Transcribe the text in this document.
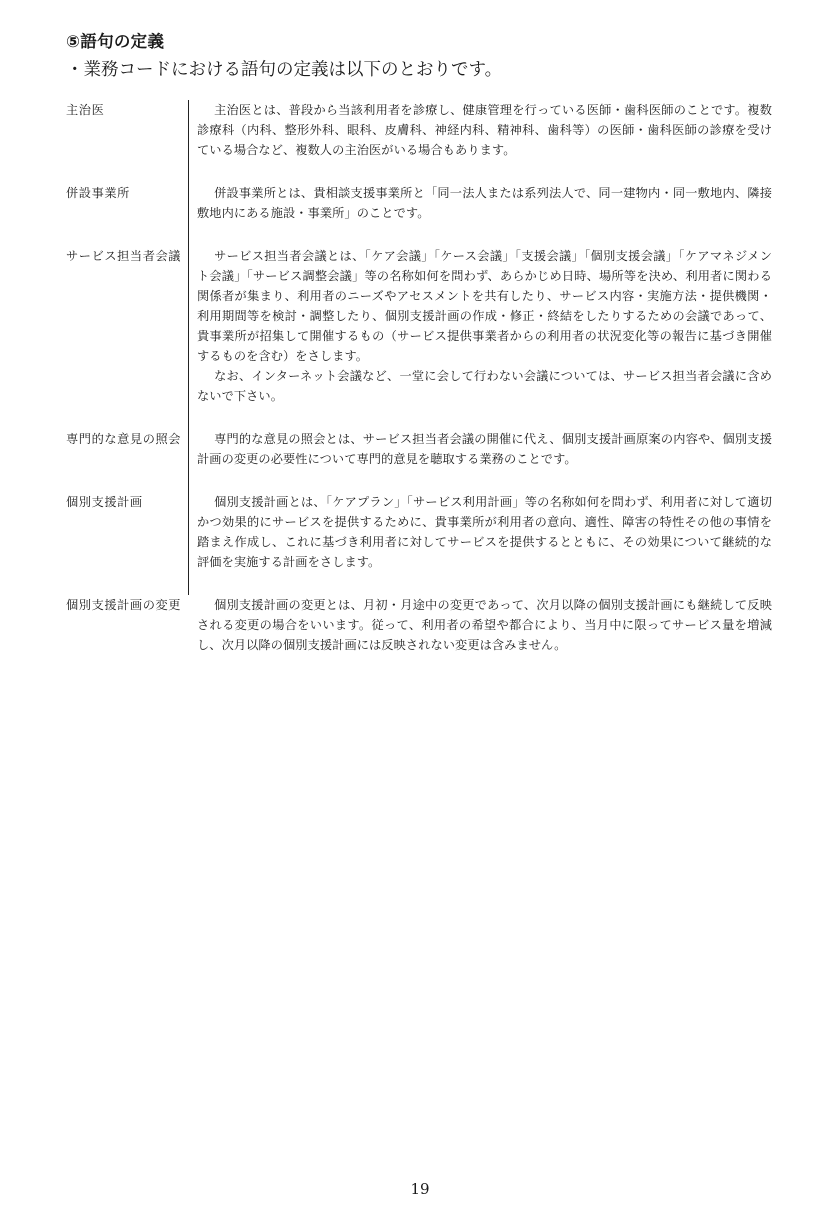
⑤語句の定義
・業務コードにおける語句の定義は以下のとおりです。
主治医	主治医とは、普段から当該利用者を診療し、健康管理を行っている医師・歯科医師のことです。複数診療科（内科、整形外科、眼科、皮膚科、神経内科、精神科、歯科等）の医師・歯科医師の診療を受けている場合など、複数人の主治医がいる場合もあります。

併設事業所	併設事業所とは、貴相談支援事業所と「同一法人または系列法人で、同一建物内・同一敷地内、隣接敷地内にある施設・事業所」のことです。

サービス担当者会議	サービス担当者会議とは、「ケア会議」「ケース会議」「支援会議」「個別支援会議」「ケアマネジメント会議」「サービス調整会議」等の名称如何を問わず、あらかじめ日時、場所等を決め、利用者に関わる関係者が集まり、利用者のニーズやアセスメントを共有したり、サービス内容・実施方法・提供機関・利用期間等を検討・調整したり、個別支援計画の作成・修正・終結をしたりするための会議であって、貴事業所が招集して開催するもの（サービス提供事業者からの利用者の状況変化等の報告に基づき開催するものを含む）をさします。

なお、インターネット会議など、一堂に会して行わない会議については、サービス担当者会議に含めないで下さい。

専門的な意見の照会	専門的な意見の照会とは、サービス担当者会議の開催に代え、個別支援計画原案の内容や、個別支援計画の変更の必要性について専門的意見を聴取する業務のことです。

個別支援計画	個別支援計画とは、「ケアプラン」「サービス利用計画」等の名称如何を問わず、利用者に対して適切かつ効果的にサービスを提供するために、貴事業所が利用者の意向、適性、障害の特性その他の事情を踏まえ作成し、これに基づき利用者に対してサービスを提供するとともに、その効果について継続的な評価を実施する計画をさします。

個別支援計画の変更	個別支援計画の変更とは、月初・月途中の変更であって、次月以降の個別支援計画にも継続して反映される変更の場合をいいます。従って、利用者の希望や都合により、当月中に限ってサービス量を増減し、次月以降の個別支援計画には反映されない変更は含みません。

19
